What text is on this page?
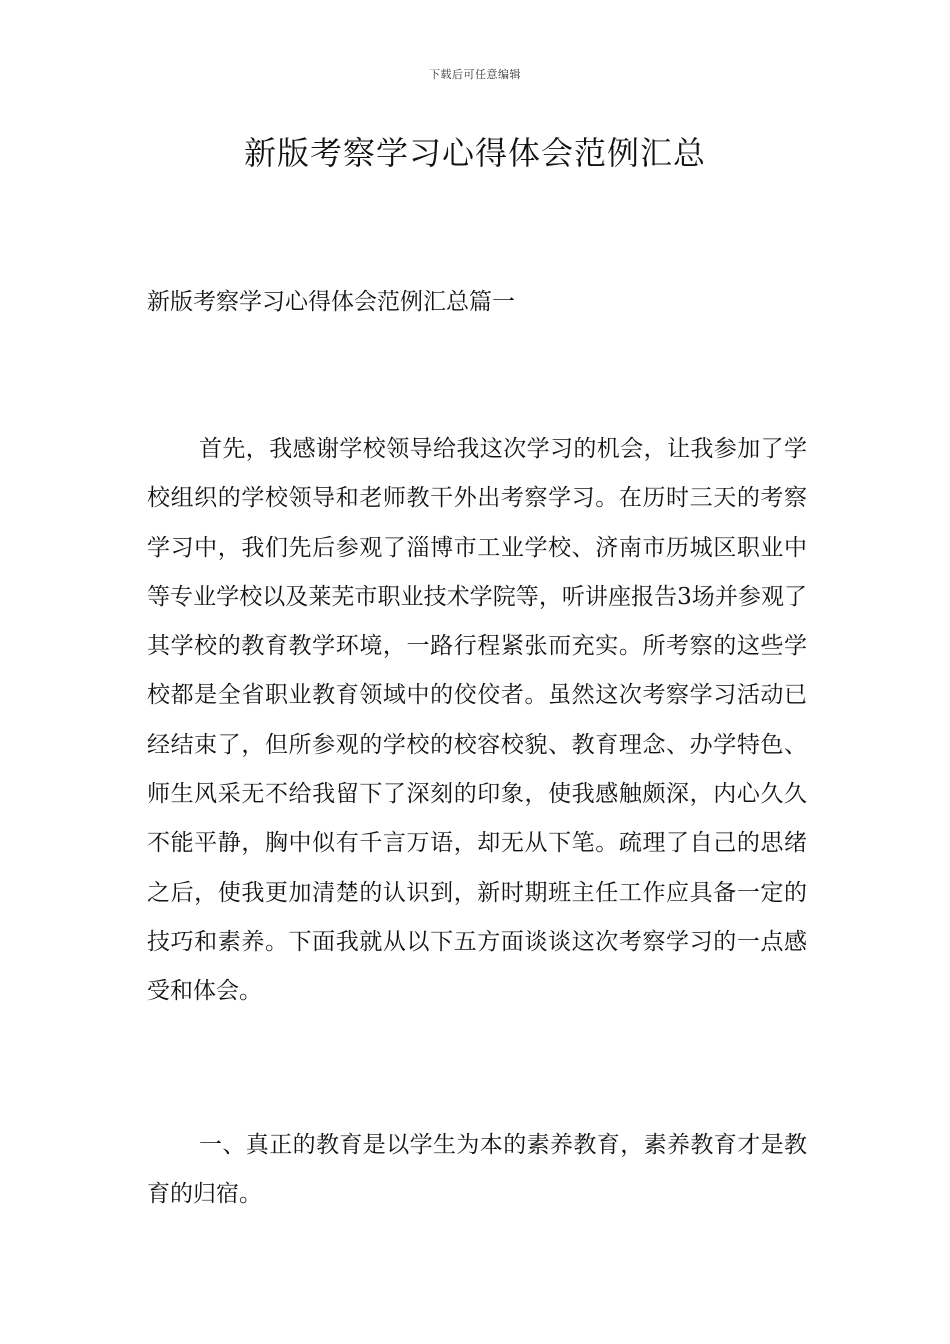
下载后可任意编辑
新版考察学习心得体会范例汇总
新版考察学习心得体会范例汇总篇一

首先，我感谢学校领导给我这次学习的机会，让我参加了学校组织的学校领导和老师教干外出考察学习。在历时三天的考察学习中，我们先后参观了淄博市工业学校、济南市历城区职业中等专业学校以及莱芜市职业技术学院等，听讲座报告3场并参观了其学校的教育教学环境，一路行程紧张而充实。所考察的这些学校都是全省职业教育领域中的佼佼者。虽然这次考察学习活动已经结束了，但所参观的学校的校容校貌、教育理念、办学特色、师生风采无不给我留下了深刻的印象，使我感触颇深，内心久久不能平静，胸中似有千言万语，却无从下笔。疏理了自己的思绪之后，使我更加清楚的认识到，新时期班主任工作应具备一定的技巧和素养。下面我就从以下五方面谈谈这次考察学习的一点感受和体会。

一、真正的教育是以学生为本的素养教育，素养教育才是教育的归宿。
